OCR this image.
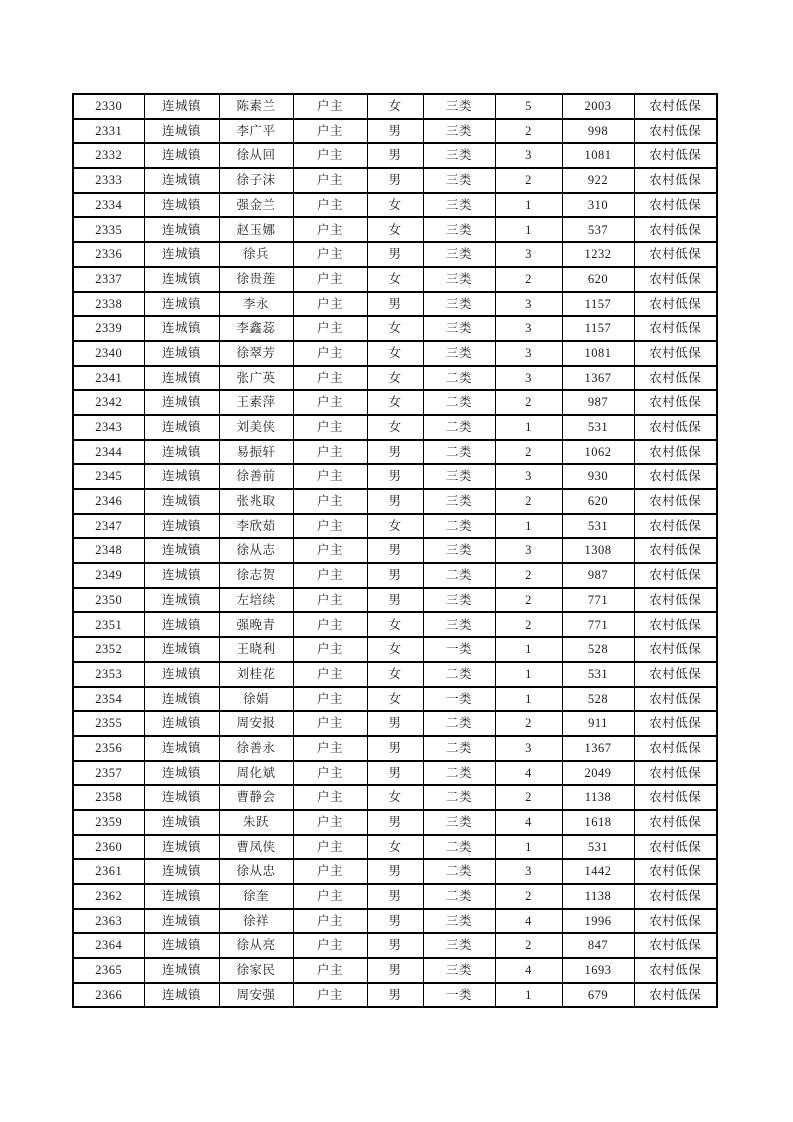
2330	连城镇	陈素兰	户主	女	三类	5	2003	农村低保
2331	连城镇	李广平	户主	男	三类	2	998	农村低保
2332	连城镇	徐从回	户主	男	三类	3	1081	农村低保
2333	连城镇	徐子沫	户主	男	三类	2	922	农村低保
2334	连城镇	强金兰	户主	女	三类	1	310	农村低保
2335	连城镇	赵玉娜	户主	女	三类	1	537	农村低保
2336	连城镇	徐兵	户主	男	三类	3	1232	农村低保
2337	连城镇	徐贵莲	户主	女	三类	2	620	农村低保
2338	连城镇	李永	户主	男	三类	3	1157	农村低保
2339	连城镇	李鑫蕊	户主	女	三类	3	1157	农村低保
2340	连城镇	徐翠芳	户主	女	三类	3	1081	农村低保
2341	连城镇	张广英	户主	女	二类	3	1367	农村低保
2342	连城镇	王素萍	户主	女	二类	2	987	农村低保
2343	连城镇	刘美侠	户主	女	二类	1	531	农村低保
2344	连城镇	易振轩	户主	男	二类	2	1062	农村低保
2345	连城镇	徐善前	户主	男	三类	3	930	农村低保
2346	连城镇	张兆取	户主	男	三类	2	620	农村低保
2347	连城镇	李欣茹	户主	女	二类	1	531	农村低保
2348	连城镇	徐从志	户主	男	三类	3	1308	农村低保
2349	连城镇	徐志贺	户主	男	二类	2	987	农村低保
2350	连城镇	左培续	户主	男	三类	2	771	农村低保
2351	连城镇	强晚青	户主	女	三类	2	771	农村低保
2352	连城镇	王晓利	户主	女	一类	1	528	农村低保
2353	连城镇	刘桂花	户主	女	二类	1	531	农村低保
2354	连城镇	徐娟	户主	女	一类	1	528	农村低保
2355	连城镇	周安报	户主	男	二类	2	911	农村低保
2356	连城镇	徐善永	户主	男	二类	3	1367	农村低保
2357	连城镇	周化斌	户主	男	二类	4	2049	农村低保
2358	连城镇	曹静会	户主	女	二类	2	1138	农村低保
2359	连城镇	朱跃	户主	男	三类	4	1618	农村低保
2360	连城镇	曹凤侠	户主	女	二类	1	531	农村低保
2361	连城镇	徐从忠	户主	男	二类	3	1442	农村低保
2362	连城镇	徐奎	户主	男	二类	2	1138	农村低保
2363	连城镇	徐祥	户主	男	三类	4	1996	农村低保
2364	连城镇	徐从亮	户主	男	三类	2	847	农村低保
2365	连城镇	徐家民	户主	男	三类	4	1693	农村低保
2366	连城镇	周安强	户主	男	一类	1	679	农村低保
